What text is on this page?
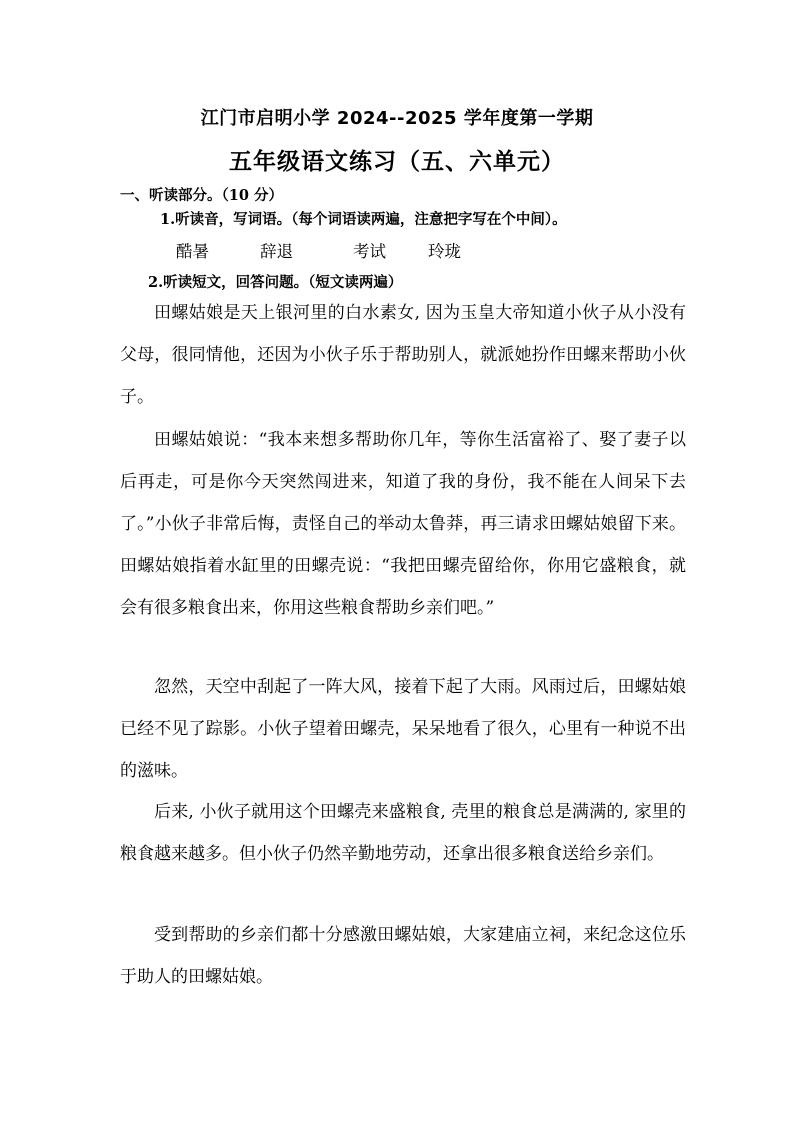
江门市启明小学 2024--2025 学年度第一学期
五年级语文练习（五、六单元）
一、听读部分。（10 分）
1.听读音，写词语。（每个词语读两遍，注意把字写在个中间）。
酷暑	辞退	考试	玲珑
2.听读短文，回答问题。（短文读两遍）

田螺姑娘是天上银河里的白水素女, 因为玉皇大帝知道小伙子从小没有父母，很同情他，还因为小伙子乐于帮助别人，就派她扮作田螺来帮助小伙子。

田螺姑娘说：“我本来想多帮助你几年，等你生活富裕了、娶了妻子以后再走，可是你今天突然闯进来，知道了我的身份，我不能在人间呆下去了。”小伙子非常后悔，责怪自己的举动太鲁莽，再三请求田螺姑娘留下来。田螺姑娘指着水缸里的田螺壳说：“我把田螺壳留给你，你用它盛粮食，就会有很多粮食出来，你用这些粮食帮助乡亲们吧。”

忽然，天空中刮起了一阵大风，接着下起了大雨。风雨过后，田螺姑娘已经不见了踪影。小伙子望着田螺壳，呆呆地看了很久，心里有一种说不出的滋味。

后来, 小伙子就用这个田螺壳来盛粮食, 壳里的粮食总是满满的, 家里的粮食越来越多。但小伙子仍然辛勤地劳动，还拿出很多粮食送给乡亲们。

受到帮助的乡亲们都十分感激田螺姑娘，大家建庙立祠，来纪念这位乐于助人的田螺姑娘。
